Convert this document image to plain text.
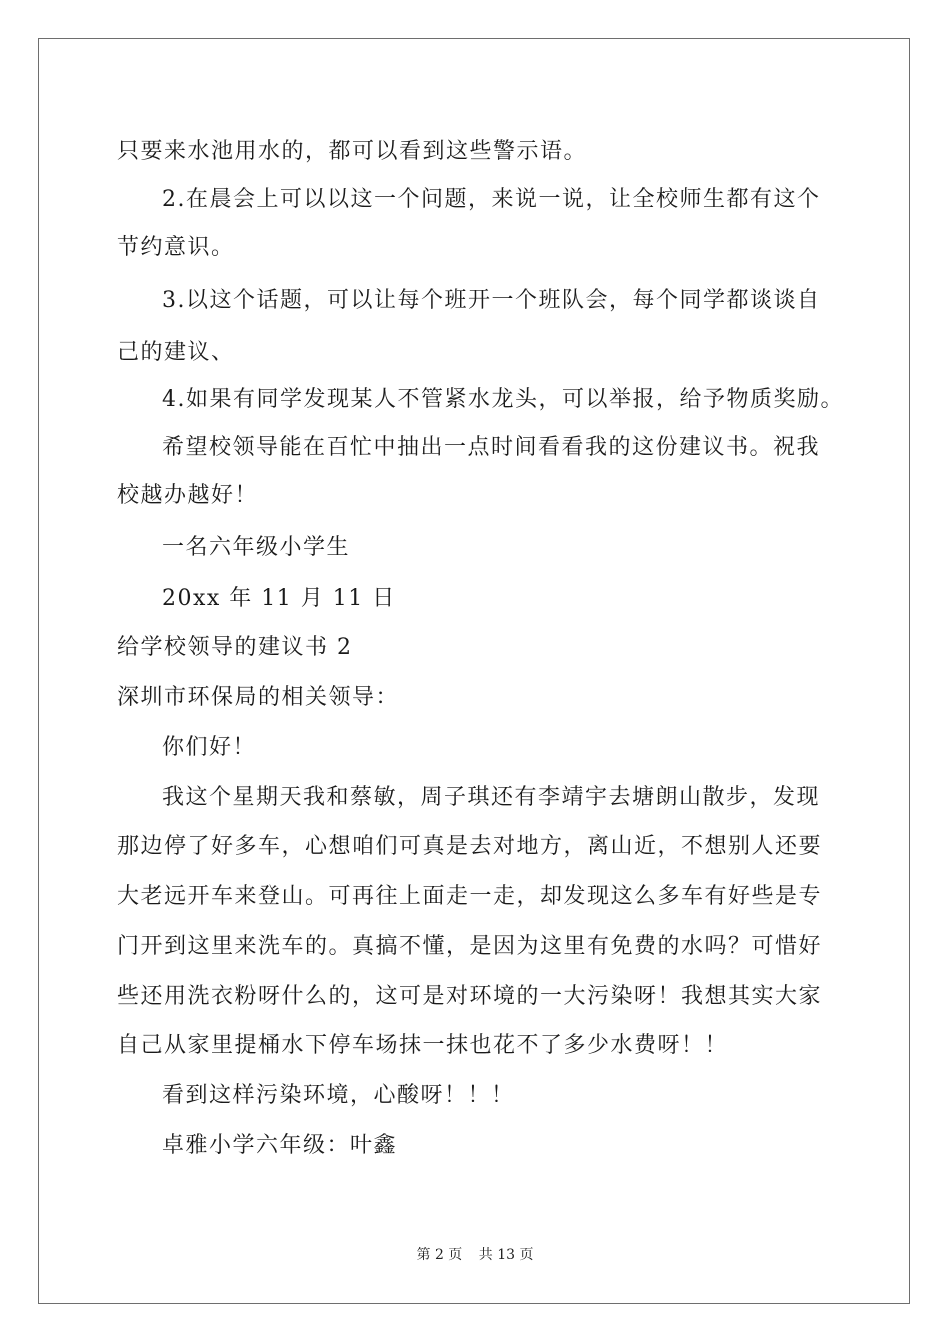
只要来水池用水的，都可以看到这些警示语。
2.在晨会上可以以这一个问题，来说一说，让全校师生都有这个
节约意识。
3.以这个话题，可以让每个班开一个班队会，每个同学都谈谈自
己的建议、
4.如果有同学发现某人不管紧水龙头，可以举报，给予物质奖励。
希望校领导能在百忙中抽出一点时间看看我的这份建议书。祝我
校越办越好！
一名六年级小学生
20xx 年 11 月 11 日
给学校领导的建议书 2
深圳市环保局的相关领导：
你们好！
我这个星期天我和蔡敏，周子琪还有李靖宇去塘朗山散步，发现
那边停了好多车，心想咱们可真是去对地方，离山近，不想别人还要
大老远开车来登山。可再往上面走一走，却发现这么多车有好些是专
门开到这里来洗车的。真搞不懂，是因为这里有免费的水吗？可惜好
些还用洗衣粉呀什么的，这可是对环境的一大污染呀！我想其实大家
自己从家里提桶水下停车场抹一抹也花不了多少水费呀！！
看到这样污染环境，心酸呀！！！
卓雅小学六年级：叶鑫
第 2 页 共 13 页
